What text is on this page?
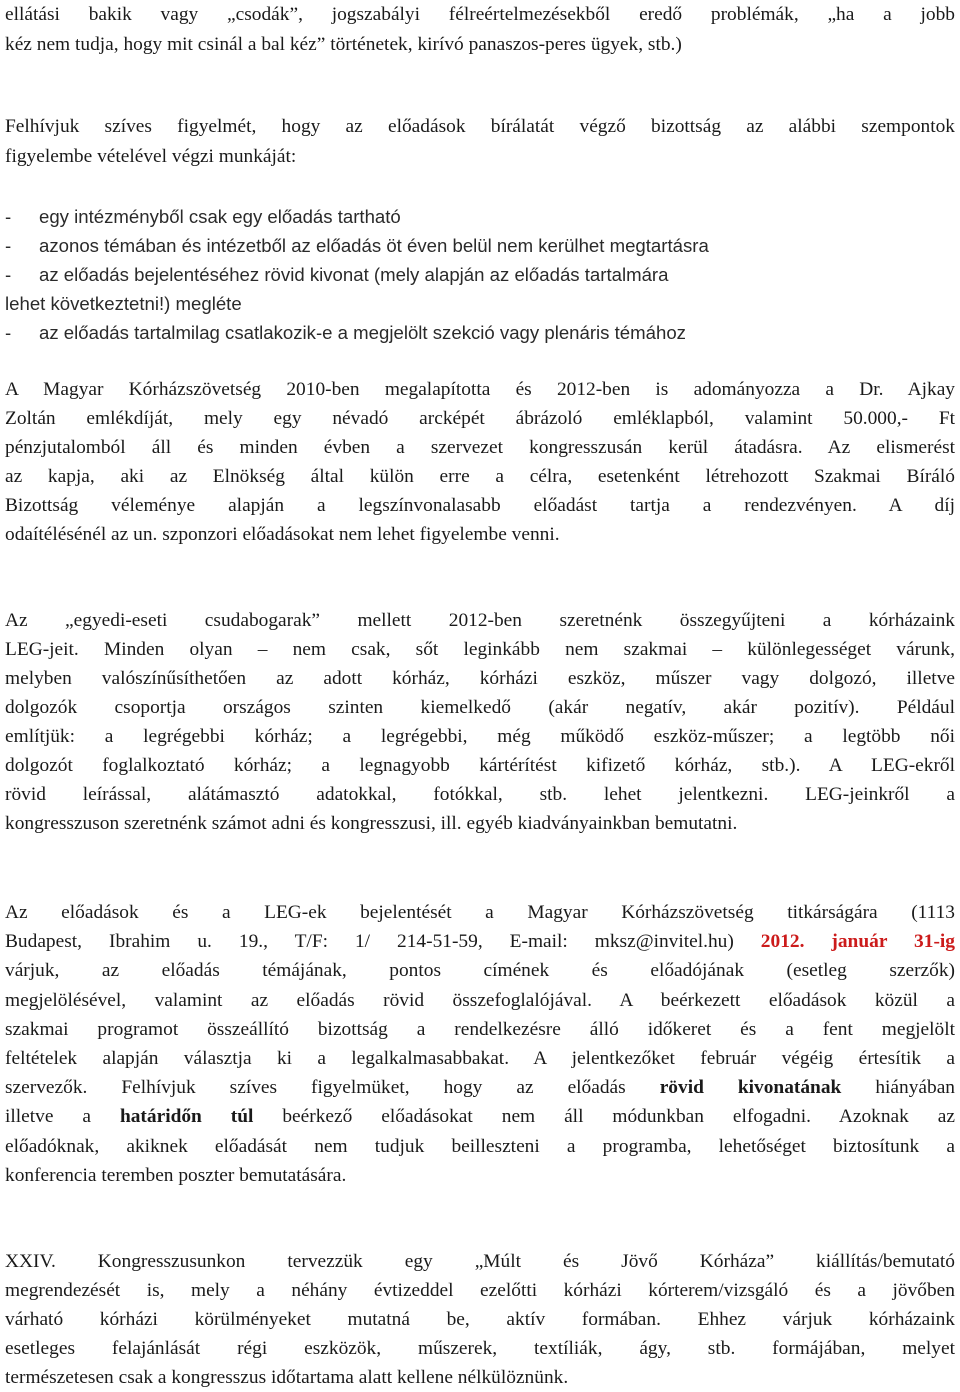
ellátási bakik vagy „csodák”, jogszabályi félreértelmezésekből eredő problémák, „ha a jobb

kéz nem tudja, hogy mit csinál a bal kéz” történetek, kirívó panaszos-peres ügyek, stb.)

Felhívjuk szíves figyelmét, hogy az előadások bírálatát végző bizottság az alábbi szempontok

figyelembe vételével végzi munkáját:

-	egy intézményből csak egy előadás tartható
-	azonos témában és intézetből az előadás öt éven belül nem kerülhet megtartásra
-	az előadás bejelentéséhez rövid kivonat (mely alapján az előadás tartalmára
lehet következtetni!) megléte
-	az előadás tartalmilag csatlakozik-e a megjelölt szekció vagy plenáris témához

A Magyar Kórházszövetség 2010-ben megalapította és 2012-ben is adományozza a Dr. Ajkay

Zoltán emlékdíját, mely egy névadó arcképét ábrázoló emléklapból, valamint 50.000,- Ft

pénzjutalomból áll és minden évben a szervezet kongresszusán kerül átadásra. Az elismerést

az kapja, aki az Elnökség által külön erre a célra, esetenként létrehozott Szakmai Bíráló

Bizottság véleménye alapján a legszínvonalasabb előadást tartja a rendezvényen. A díj

odaítélésénél az un. szponzori előadásokat nem lehet figyelembe venni.

Az „egyedi-eseti csudabogarak” mellett 2012-ben szeretnénk összegyűjteni a kórházaink

LEG-jeit. Minden olyan – nem csak, sőt leginkább nem szakmai – különlegességet várunk,

melyben valószínűsíthetően az adott kórház, kórházi eszköz, műszer vagy dolgozó, illetve

dolgozók csoportja országos szinten kiemelkedő (akár negatív, akár pozitív). Például

említjük: a legrégebbi kórház; a legrégebbi, még működő eszköz-műszer; a legtöbb női

dolgozót foglalkoztató kórház; a legnagyobb kártérítést kifizető kórház, stb.). A LEG-ekről

rövid leírással, alátámasztó adatokkal, fotókkal, stb. lehet jelentkezni. LEG-jeinkről a

kongresszuson szeretnénk számot adni és kongresszusi, ill. egyéb kiadványainkban bemutatni.

Az előadások és a LEG-ek bejelentését a Magyar Kórházszövetség titkárságára (1113

Budapest, Ibrahim u. 19., T/F: 1/ 214-51-59, E-mail: mksz@invitel.hu) 2012. január 31-ig

várjuk, az előadás témájának, pontos címének és előadójának (esetleg szerzők)

megjelölésével, valamint az előadás rövid összefoglalójával. A beérkezett előadások közül a

szakmai programot összeállító bizottság a rendelkezésre álló időkeret és a fent megjelölt

feltételek alapján választja ki a legalkalmasabbakat. A jelentkezőket február végéig értesítik a

szervezők. Felhívjuk szíves figyelmüket, hogy az előadás rövid kivonatának hiányában

illetve a határidőn túl beérkező előadásokat nem áll módunkban elfogadni. Azoknak az

előadóknak, akiknek előadását nem tudjuk beilleszteni a programba, lehetőséget biztosítunk a

konferencia teremben poszter bemutatására.

XXIV. Kongresszusunkon tervezzük egy „Múlt és Jövő Kórháza” kiállítás/bemutató

megrendezését is, mely a néhány évtizeddel ezelőtti kórházi kórterem/vizsgáló és a jövőben

várható kórházi körülményeket mutatná be, aktív formában. Ehhez várjuk kórházaink

esetleges felajánlását régi eszközök, műszerek, textíliák, ágy, stb. formájában, melyet

természetesen csak a kongresszus időtartama alatt kellene nélkülöznünk.
